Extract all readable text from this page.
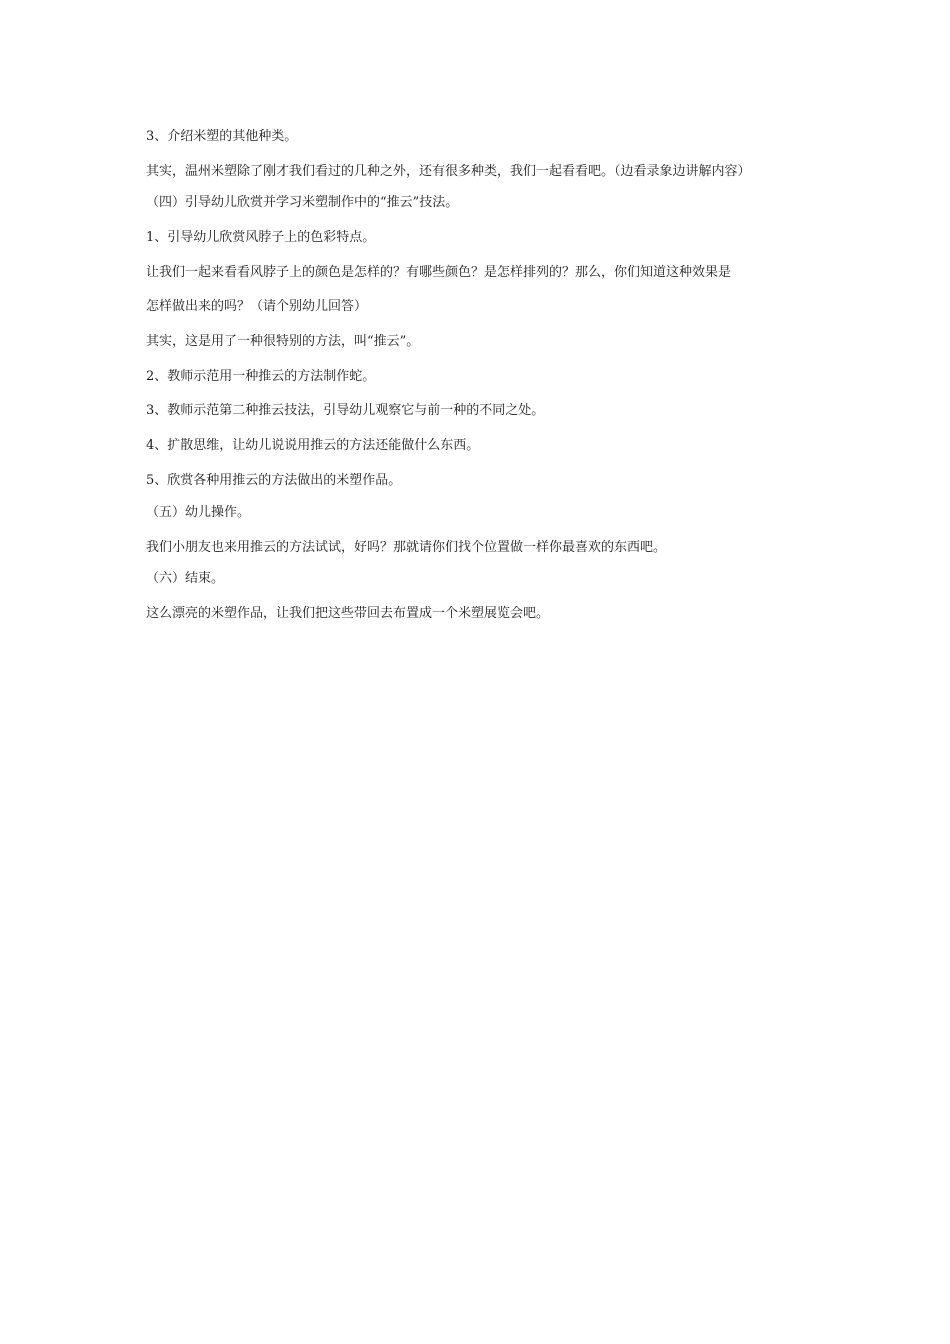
3、介绍米塑的其他种类。
其实，温州米塑除了刚才我们看过的几种之外，还有很多种类，我们一起看看吧。（边看录象边讲解内容）
（四）引导幼儿欣赏并学习米塑制作中的“推云”技法。
1、引导幼儿欣赏风脖子上的色彩特点。
让我们一起来看看风脖子上的颜色是怎样的？有哪些颜色？是怎样排列的？那么，你们知道这种效果是
怎样做出来的吗？（请个别幼儿回答）
其实，这是用了一种很特别的方法，叫“推云”。
2、教师示范用一种推云的方法制作蛇。
3、教师示范第二种推云技法，引导幼儿观察它与前一种的不同之处。
4、扩散思维，让幼儿说说用推云的方法还能做什么东西。
5、欣赏各种用推云的方法做出的米塑作品。
（五）幼儿操作。
我们小朋友也来用推云的方法试试，好吗？那就请你们找个位置做一样你最喜欢的东西吧。
（六）结束。
这么漂亮的米塑作品，让我们把这些带回去布置成一个米塑展览会吧。
